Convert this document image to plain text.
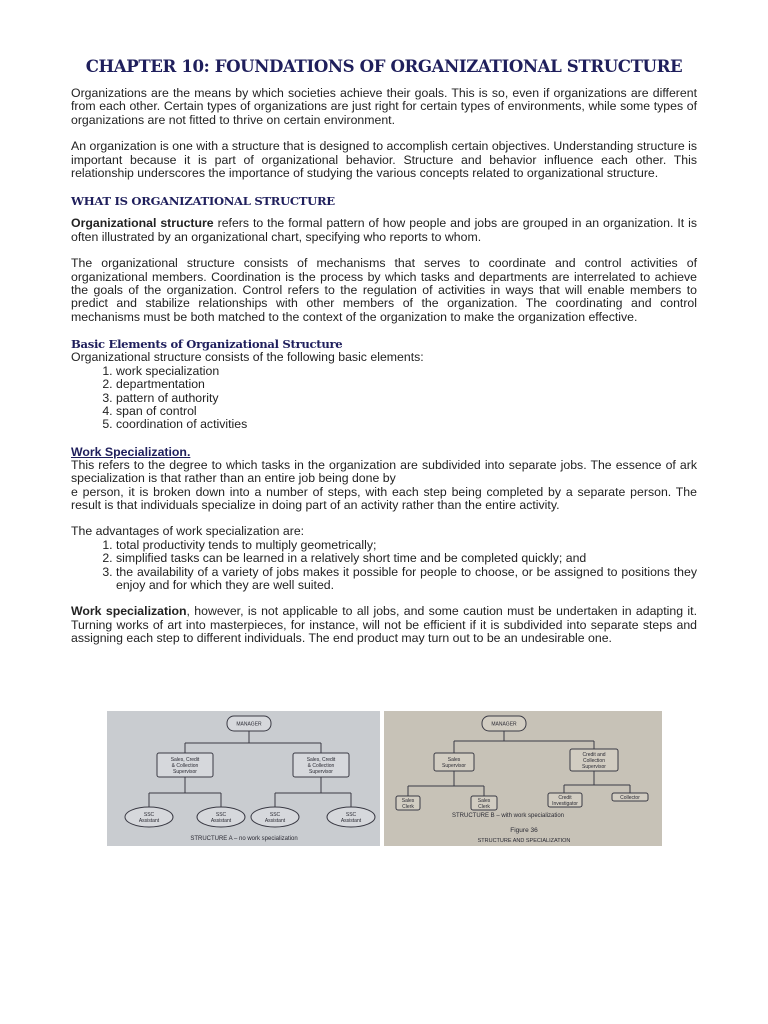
CHAPTER 10: FOUNDATIONS OF ORGANIZATIONAL STRUCTURE

Organizations are the means by which societies achieve their goals. This is so, even if organizations are different from each other. Certain types of organizations are just right for certain types of environments, while some types of organizations are not fitted to thrive on certain environment.

An organization is one with a structure that is designed to accomplish certain objectives. Understanding structure is important because it is part of organizational behavior. Structure and behavior influence each other. This relationship underscores the importance of studying the various concepts related to organizational structure.

WHAT IS ORGANIZATIONAL STRUCTURE

Organizational structure refers to the formal pattern of how people and jobs are grouped in an organization. It is often illustrated by an organizational chart, specifying who reports to whom.

The organizational structure consists of mechanisms that serves to coordinate and control activities of organizational members. Coordination is the process by which tasks and departments are interrelated to achieve the goals of the organization. Control refers to the regulation of activities in ways that will enable members to predict and stabilize relationships with other members of the organization. The coordinating and control mechanisms must be both matched to the context of the organization to make the organization effective.

Basic Elements of Organizational Structure

Organizational structure consists of the following basic elements:

1. work specialization
2. departmentation
3. pattern of authority
4. span of control
5. coordination of activities
Work Specialization.

This refers to the degree to which tasks in the organization are subdivided into separate jobs. The essence of ark specialization is that rather than an entire job being done by

e person, it is broken down into a number of steps, with each step being completed by a separate person. The result is that individuals specialize in doing part of an activity rather than the entire activity.

The advantages of work specialization are:

1. total productivity tends to multiply geometrically;
2. simplified tasks can be learned in a relatively short time and be completed quickly; and
3. the availability of a variety of jobs makes it possible for people to choose, or be assigned to positions they enjoy and for which they are well suited.

Work specialization, however, is not applicable to all jobs, and some caution must be undertaken in adapting it. Turning works of art into masterpieces, for instance, will not be efficient if it is subdivided into separate steps and assigning each step to different individuals. The end product may turn out to be an undesirable one.

MANAGER
Sales, Credit
& Collection
Supervisor
Sales, Credit
& Collection
Supervisor
SSC
Assistant
SSC
Assistant
SSC
Assistant
SSC
Assistant
STRUCTURE A – no work specialization
MANAGER
Sales
Supervisor
Credit and
Collection
Supervisor
Sales
Clerk
Sales
Clerk
Credit
Investigator
Collector
STRUCTURE B – with work specialization
Figure 36
STRUCTURE AND SPECIALIZATION
